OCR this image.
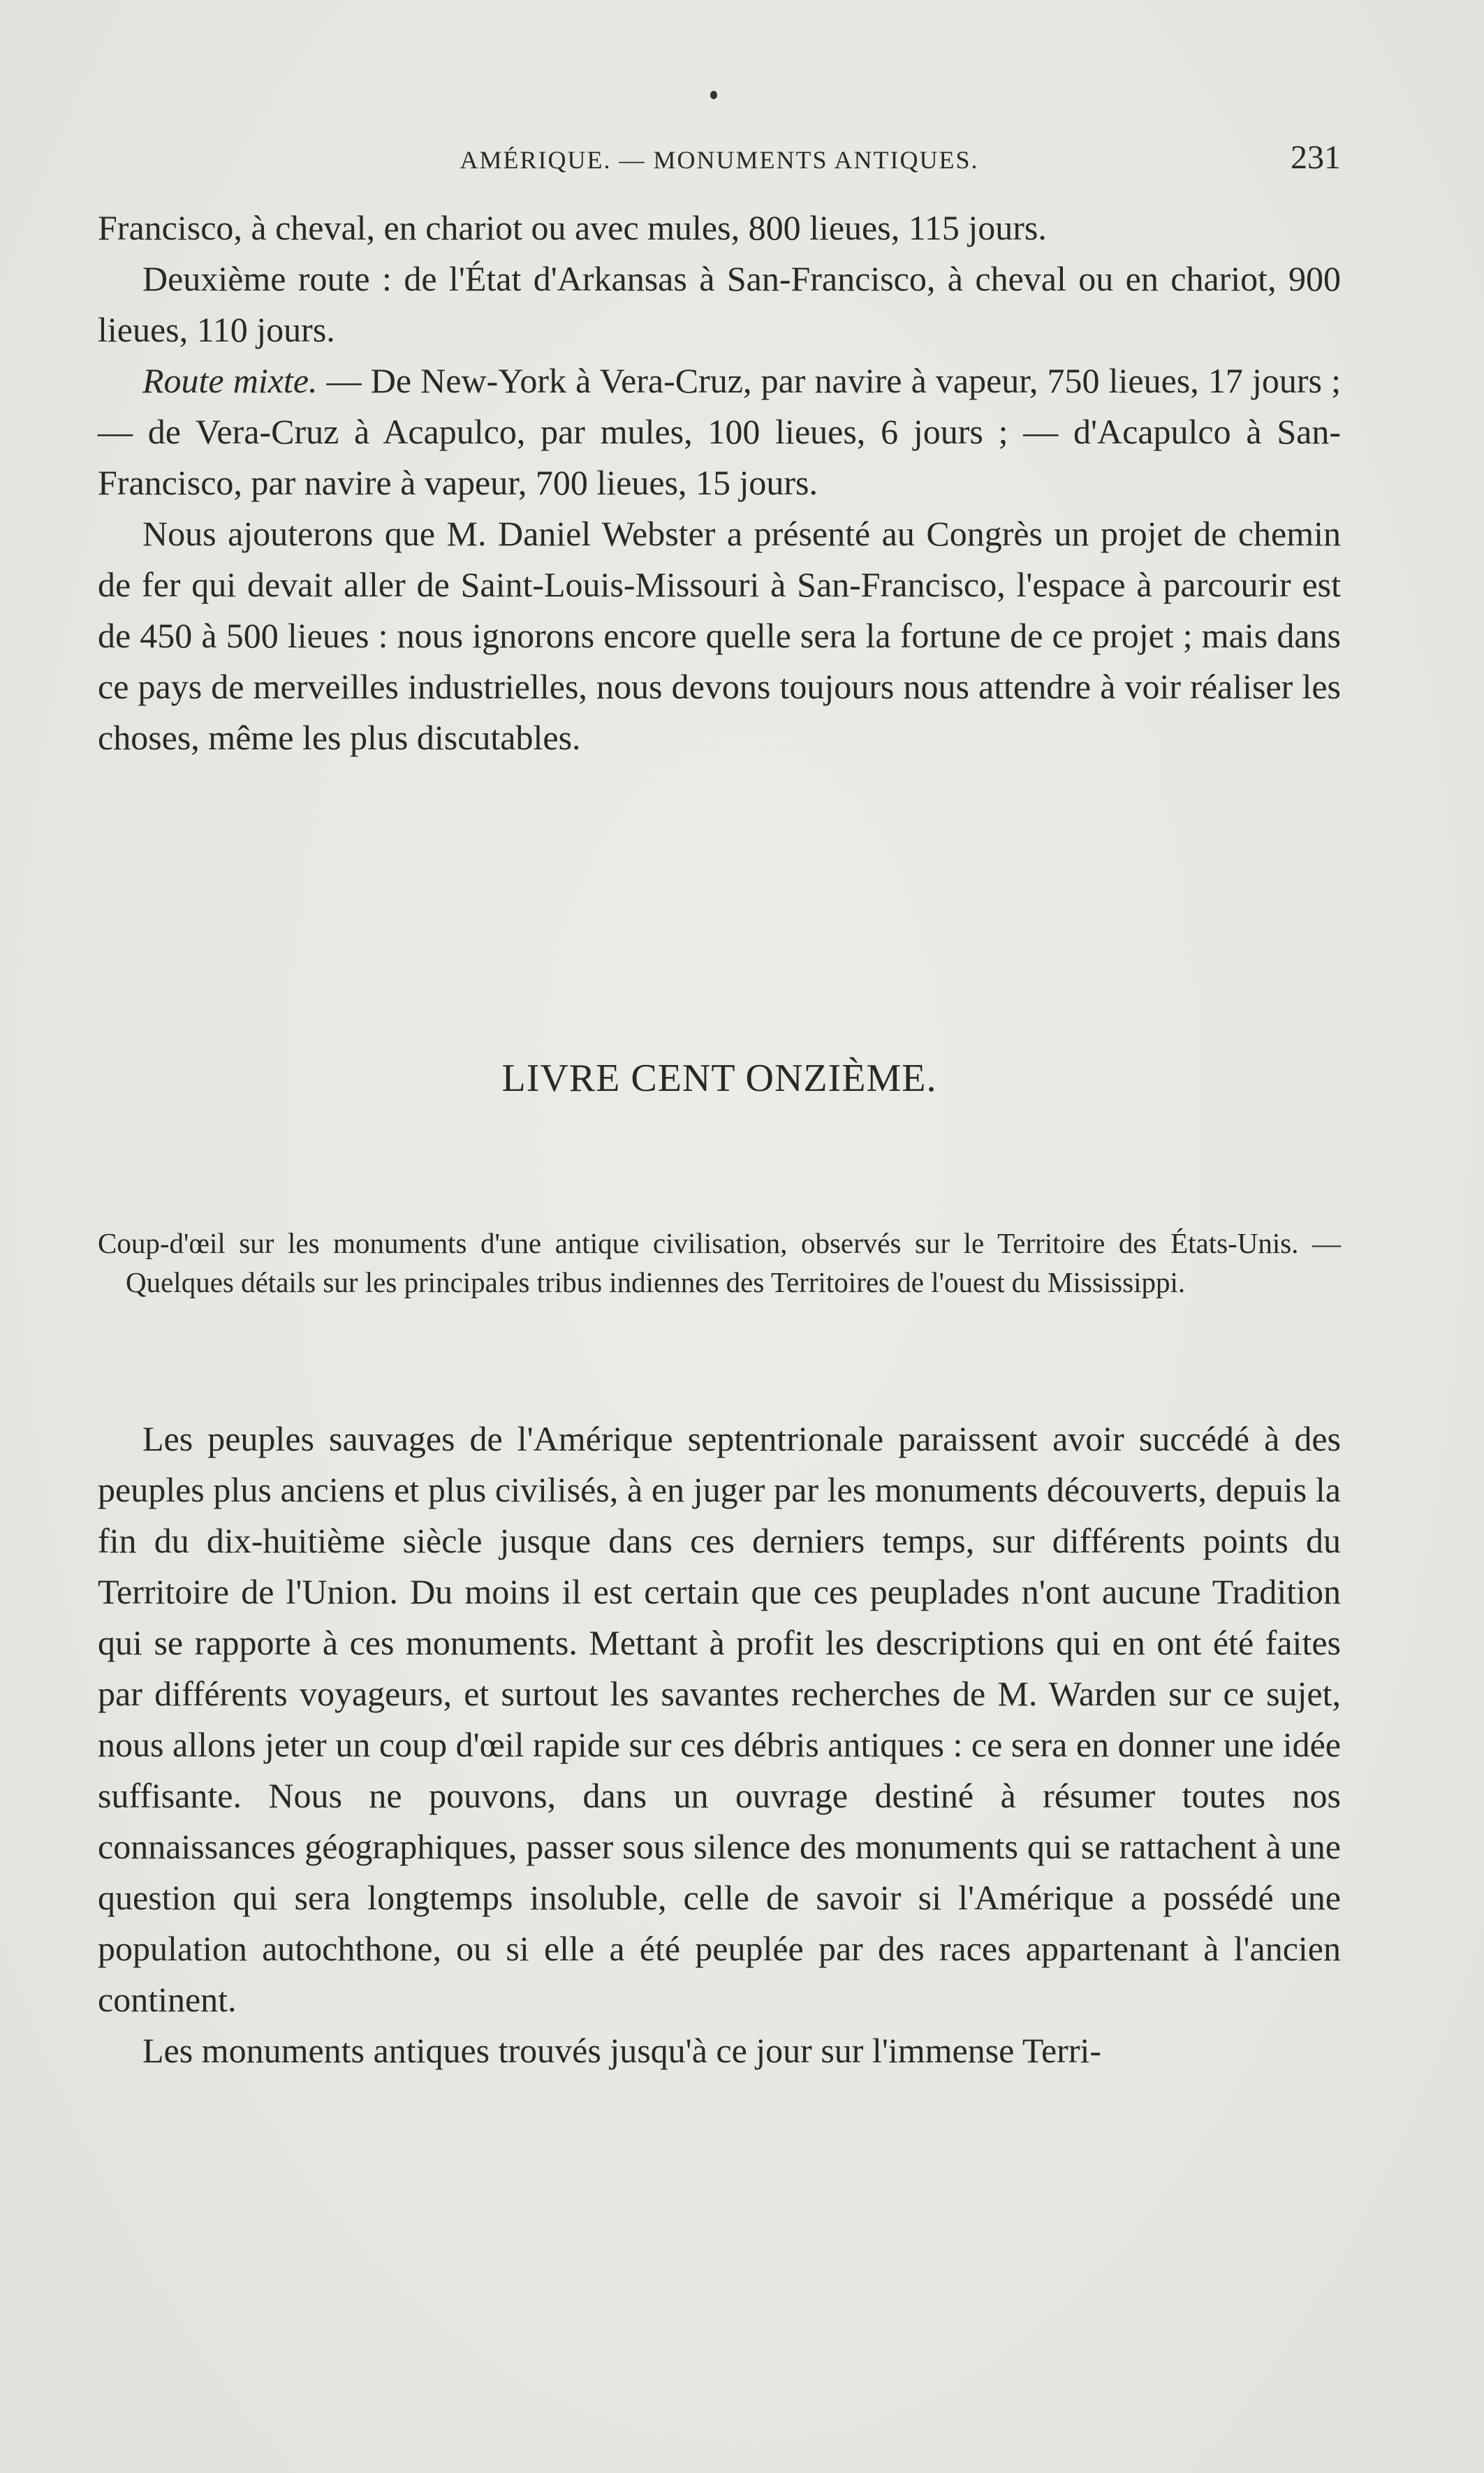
AMÉRIQUE. — MONUMENTS ANTIQUES.	231

Francisco, à cheval, en chariot ou avec mules, 800 lieues, 115 jours.

Deuxième route : de l'État d'Arkansas à San-Francisco, à cheval ou en chariot, 900 lieues, 110 jours.

Route mixte. — De New-York à Vera-Cruz, par navire à vapeur, 750 lieues, 17 jours ; — de Vera-Cruz à Acapulco, par mules, 100 lieues, 6 jours ; — d'Acapulco à San-Francisco, par navire à vapeur, 700 lieues, 15 jours.

Nous ajouterons que M. Daniel Webster a présenté au Congrès un projet de chemin de fer qui devait aller de Saint-Louis-Missouri à San-Francisco, l'espace à parcourir est de 450 à 500 lieues : nous ignorons encore quelle sera la fortune de ce projet ; mais dans ce pays de merveilles industrielles, nous devons toujours nous attendre à voir réaliser les choses, même les plus discutables.

LIVRE CENT ONZIÈME.
Coup-d'œil sur les monuments d'une antique civilisation, observés sur le Territoire des États-Unis. — Quelques détails sur les principales tribus indiennes des Territoires de l'ouest du Mississippi.

Les peuples sauvages de l'Amérique septentrionale paraissent avoir succédé à des peuples plus anciens et plus civilisés, à en juger par les monuments découverts, depuis la fin du dix-huitième siècle jusque dans ces derniers temps, sur différents points du Territoire de l'Union. Du moins il est certain que ces peuplades n'ont aucune Tradition qui se rapporte à ces monuments. Mettant à profit les descriptions qui en ont été faites par différents voyageurs, et surtout les savantes recherches de M. Warden sur ce sujet, nous allons jeter un coup d'œil rapide sur ces débris antiques : ce sera en donner une idée suffisante. Nous ne pouvons, dans un ouvrage destiné à résumer toutes nos connaissances géographiques, passer sous silence des monuments qui se rattachent à une question qui sera longtemps insoluble, celle de savoir si l'Amérique a possédé une population autochthone, ou si elle a été peuplée par des races appartenant à l'ancien continent.

Les monuments antiques trouvés jusqu'à ce jour sur l'immense Terri-
